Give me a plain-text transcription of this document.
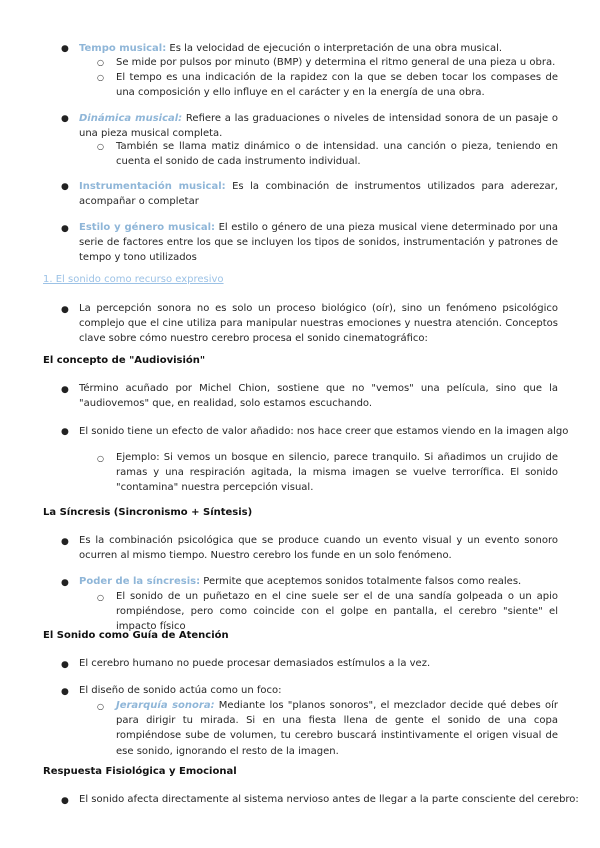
● Tempo musical: Es la velocidad de ejecución o interpretación de una obra musical.
○ Se mide por pulsos por minuto (BMP) y determina el ritmo general de una pieza u obra.
○ El tempo es una indicación de la rapidez con la que se deben tocar los compases de una composición y ello influye en el carácter y en la energía de una obra.
● Dinámica musical: Refiere a las graduaciones o niveles de intensidad sonora de un pasaje o una pieza musical completa.
○ También se llama matiz dinámico o de intensidad. una canción o pieza, teniendo en cuenta el sonido de cada instrumento individual.
● Instrumentación musical: Es la combinación de instrumentos utilizados para aderezar, acompañar o completar
● Estilo y género musical: El estilo o género de una pieza musical viene determinado por una serie de factores entre los que se incluyen los tipos de sonidos, instrumentación y patrones de tempo y tono utilizados
1. El sonido como recurso expresivo
● La percepción sonora no es solo un proceso biológico (oír), sino un fenómeno psicológico complejo que el cine utiliza para manipular nuestras emociones y nuestra atención. Conceptos clave sobre cómo nuestro cerebro procesa el sonido cinematográfico:
El concepto de "Audiovisión"
● Término acuñado por Michel Chion, sostiene que no "vemos" una película, sino que la "audiovemos" que, en realidad, solo estamos escuchando.
● El sonido tiene un efecto de valor añadido: nos hace creer que estamos viendo en la imagen algo
○ Ejemplo: Si vemos un bosque en silencio, parece tranquilo. Si añadimos un crujido de ramas y una respiración agitada, la misma imagen se vuelve terrorífica. El sonido "contamina" nuestra percepción visual.
La Síncresis (Sincronismo + Síntesis)
● Es la combinación psicológica que se produce cuando un evento visual y un evento sonoro ocurren al mismo tiempo. Nuestro cerebro los funde en un solo fenómeno.
● Poder de la síncresis: Permite que aceptemos sonidos totalmente falsos como reales.
○ El sonido de un puñetazo en el cine suele ser el de una sandía golpeada o un apio rompiéndose, pero como coincide con el golpe en pantalla, el cerebro "siente" el impacto físico
El Sonido como Guía de Atención
● El cerebro humano no puede procesar demasiados estímulos a la vez.
● El diseño de sonido actúa como un foco:
○ Jerarquía sonora: Mediante los "planos sonoros", el mezclador decide qué debes oír para dirigir tu mirada. Si en una fiesta llena de gente el sonido de una copa rompiéndose sube de volumen, tu cerebro buscará instintivamente el origen visual de ese sonido, ignorando el resto de la imagen.
Respuesta Fisiológica y Emocional
● El sonido afecta directamente al sistema nervioso antes de llegar a la parte consciente del cerebro:
